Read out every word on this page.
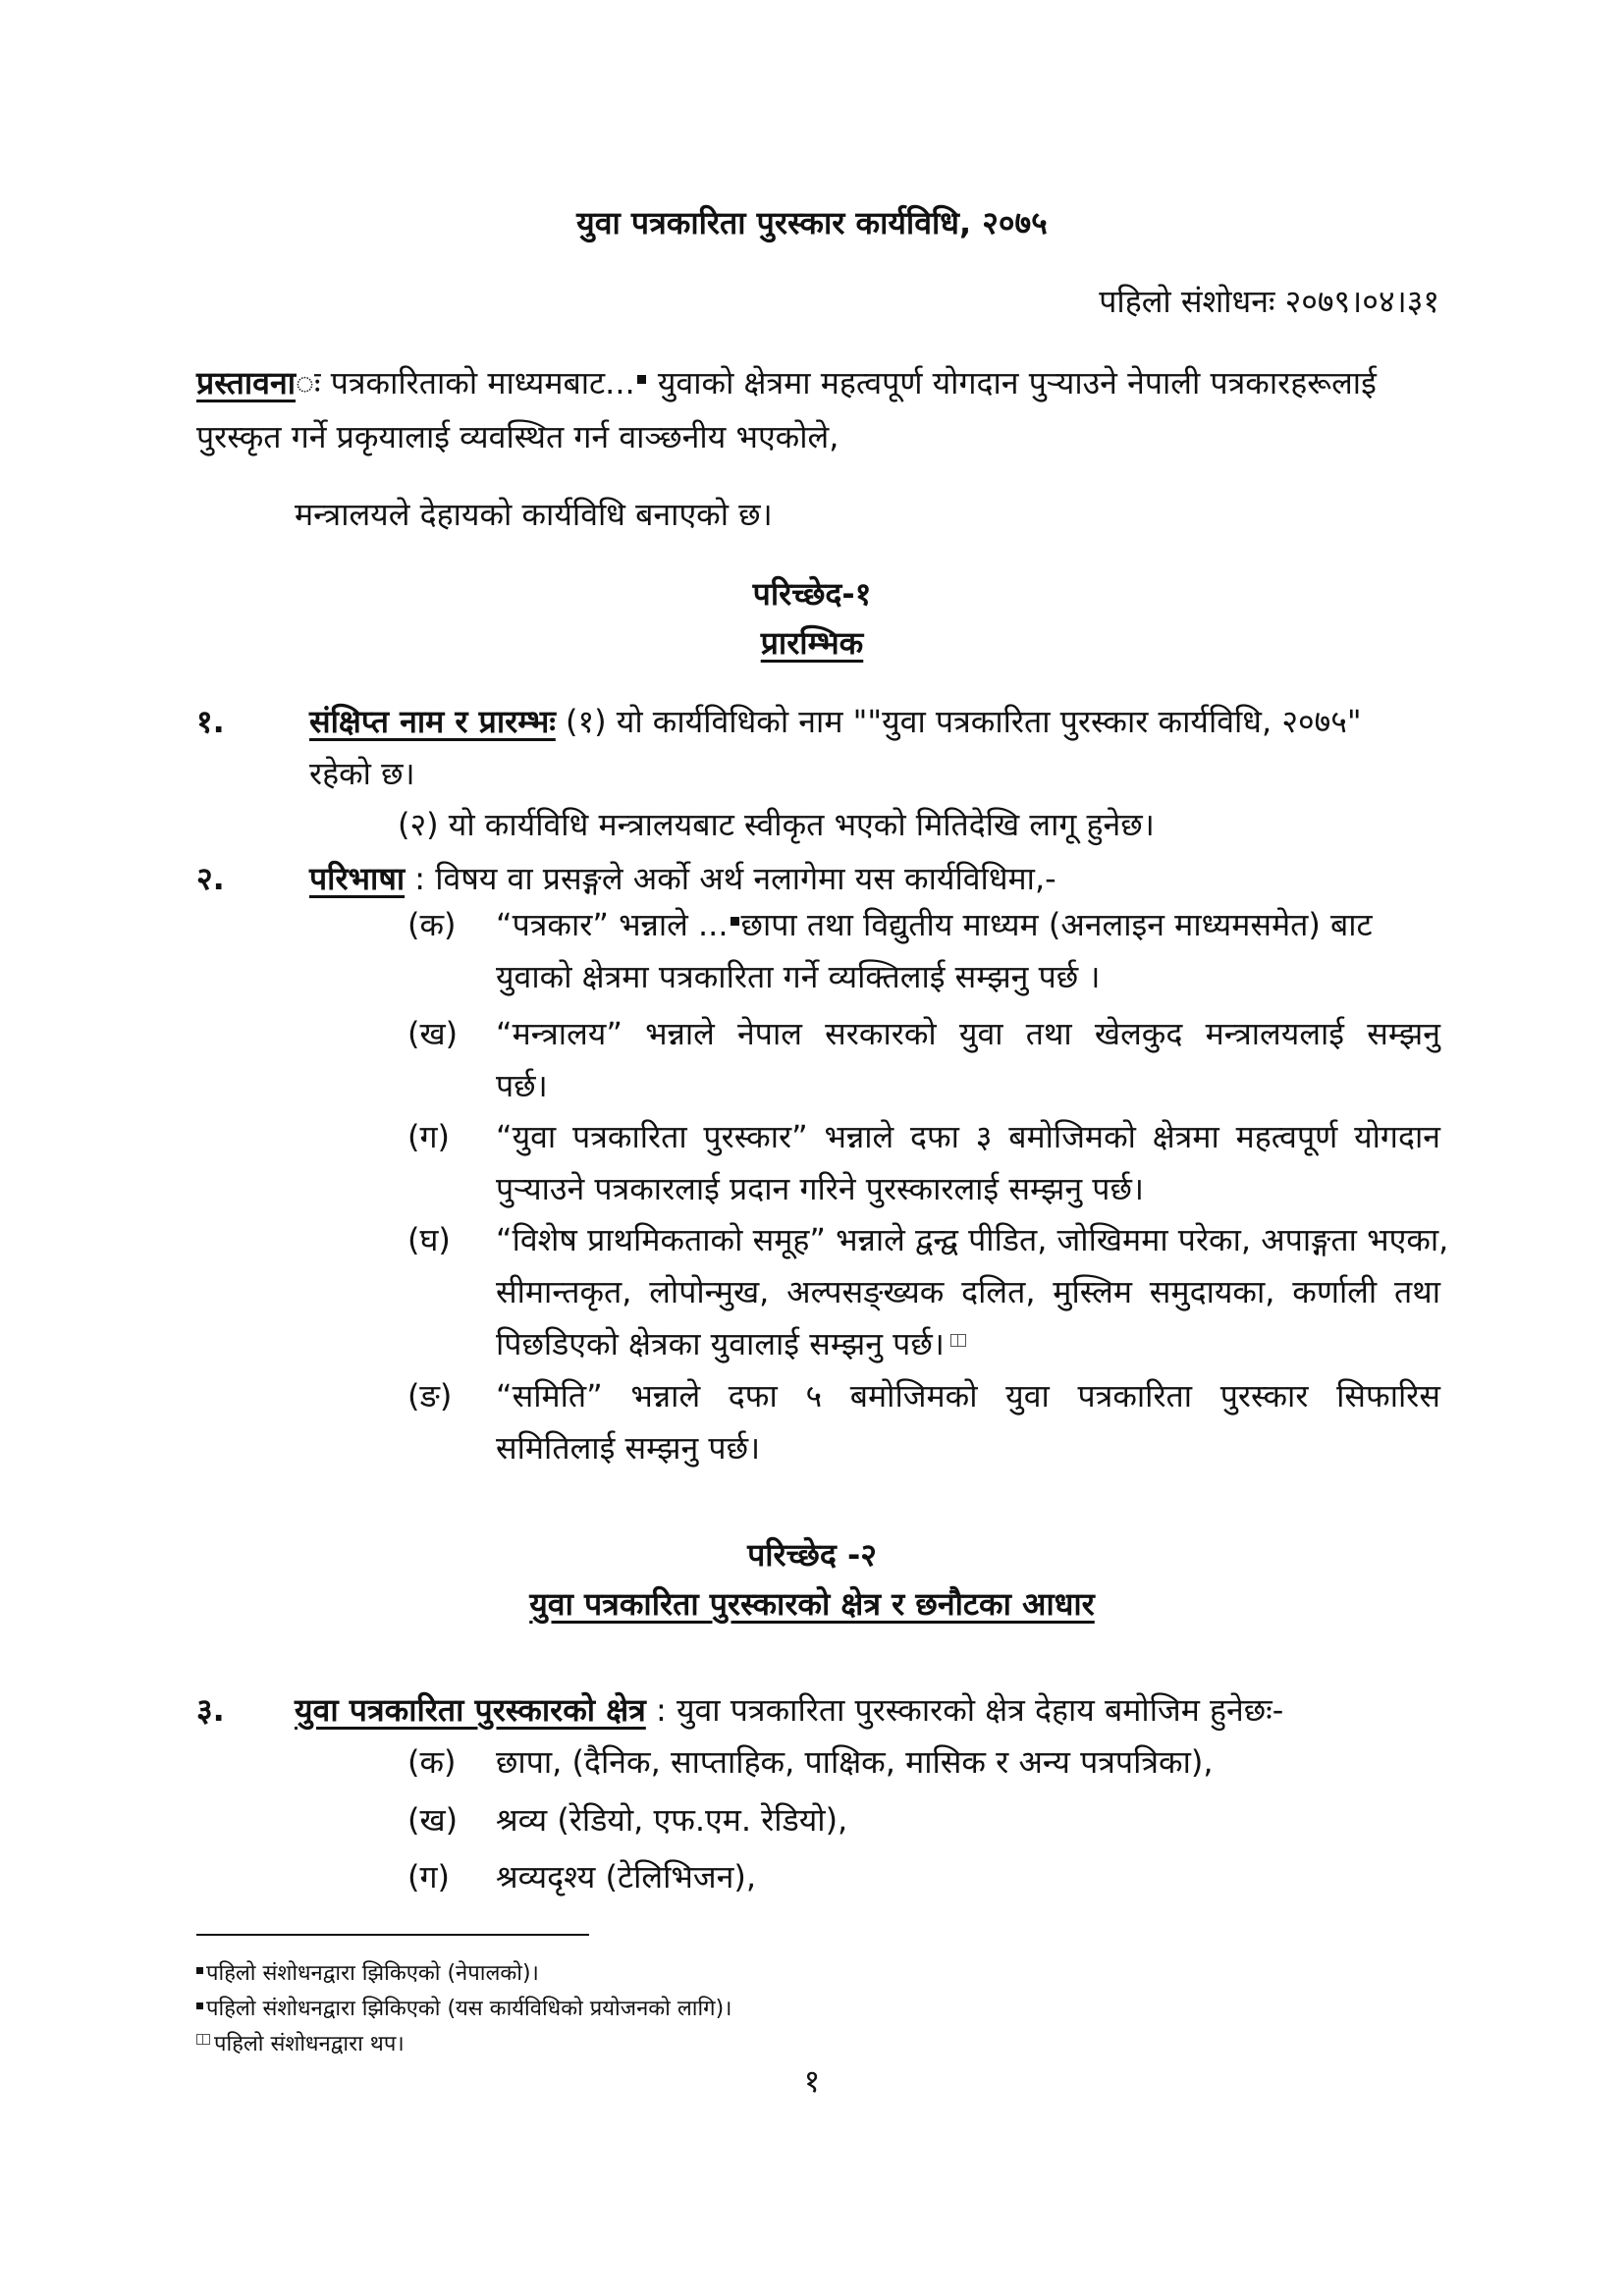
युवा पत्रकारिता पुरस्कार कार्यविधि, २०७५
पहिलो संशोधनः २०७९।०४।३१
प्रस्तावनाः पत्रकारिताको माध्यमबाट... युवाको क्षेत्रमा महत्वपूर्ण योगदान पुऱ्याउने नेपाली पत्रकारहरूलाई
पुरस्कृत गर्ने प्रकृयालाई व्यवस्थित गर्न वाञ्छनीय भएकोले,
मन्त्रालयले देहायको कार्यविधि बनाएको छ।
परिच्छेद-१
प्रारम्भिक
१.	संक्षिप्त नाम र प्रारम्भः (१) यो कार्यविधिको नाम ""युवा पत्रकारिता पुरस्कार कार्यविधि, २०७५"
रहेको छ।
(२) यो कार्यविधि मन्त्रालयबाट स्वीकृत भएको मितिदेखि लागू हुनेछ।
२.	परिभाषा : विषय वा प्रसङ्गले अर्को अर्थ नलागेमा यस कार्यविधिमा,-
(क) “पत्रकार” भन्नाले ... छापा तथा विद्युतीय माध्यम (अनलाइन माध्यमसमेत) बाट
युवाको क्षेत्रमा पत्रकारिता गर्ने व्यक्तिलाई सम्झनु पर्छ ।
(ख) “मन्त्रालय” भन्नाले नेपाल सरकारको युवा तथा खेलकुद मन्त्रालयलाई सम्झनु
पर्छ।
(ग) “युवा पत्रकारिता पुरस्कार” भन्नाले दफा ३ बमोजिमको क्षेत्रमा महत्वपूर्ण योगदान
पुऱ्याउने पत्रकारलाई प्रदान गरिने पुरस्कारलाई सम्झनु पर्छ।
(घ) “विशेष प्राथमिकताको समूह” भन्नाले द्वन्द्व पीडित, जोखिममा परेका, अपाङ्गता भएका,
सीमान्तकृत, लोपोन्मुख, अल्पसङ्ख्यक दलित, मुस्लिम समुदायका, कर्णाली तथा
पिछडिएको क्षेत्रका युवालाई सम्झनु पर्छ।
(ङ) “समिति” भन्नाले दफा ५ बमोजिमको युवा पत्रकारिता पुरस्कार सिफारिस
समितिलाई सम्झनु पर्छ।
परिच्छेद -२
युवा पत्रकारिता पुरस्कारको क्षेत्र र छनौटका आधार
३. युवा पत्रकारिता पुरस्कारको क्षेत्र : युवा पत्रकारिता पुरस्कारको क्षेत्र देहाय बमोजिम हुनेछः-
(क) छापा, (दैनिक, साप्ताहिक, पाक्षिक, मासिक र अन्य पत्रपत्रिका),
(ख) श्रव्य (रेडियो, एफ.एम. रेडियो),
(ग) श्रव्यदृश्य (टेलिभिजन),
पहिलो संशोधनद्वारा झिकिएको (नेपालको)।
पहिलो संशोधनद्वारा झिकिएको (यस कार्यविधिको प्रयोजनको लागि)।
पहिलो संशोधनद्वारा थप।
१
